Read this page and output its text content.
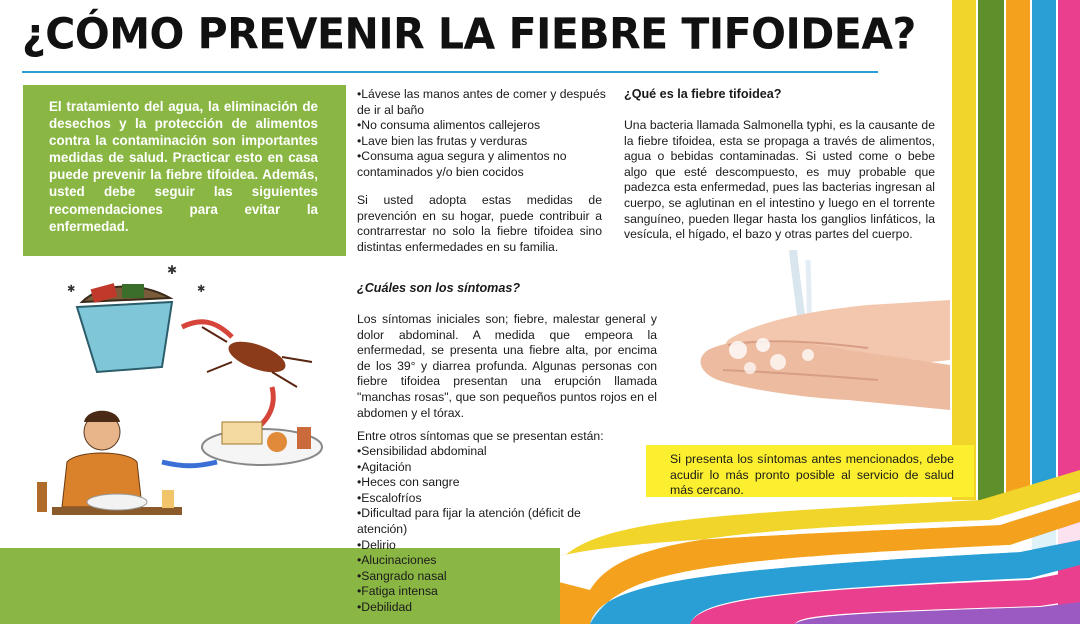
¿CÓMO PREVENIR LA FIEBRE TIFOIDEA?
El tratamiento del agua, la eliminación de desechos y la protección de alimentos contra la contaminación son importantes medidas de salud. Practicar esto en casa puede prevenir la fiebre tifoidea. Además, usted debe seguir las siguientes recomendaciones para evitar la enfermedad.
•Lávese las manos antes de comer y después de ir al baño
•No consuma alimentos callejeros
•Lave bien las frutas y verduras
•Consuma agua segura y alimentos no contaminados y/o bien cocidos
Si usted adopta estas medidas de prevención en su hogar, puede contribuir a contrarrestar no solo la fiebre tifoidea sino distintas enfermedades en su familia.
¿Qué es la fiebre tifoidea?
Una bacteria llamada Salmonella typhi, es la causante de la fiebre tifoidea, esta se propaga a través de alimentos, agua o bebidas contaminadas. Si usted come o bebe algo que esté descompuesto, es muy probable que padezca esta enfermedad, pues las bacterias ingresan al cuerpo, se aglutinan en el intestino y luego en el torrente sanguíneo, pueden llegar hasta los ganglios linfáticos, la vesícula, el hígado, el bazo y otras partes del cuerpo.
¿Cuáles son los síntomas?
Los síntomas iniciales son; fiebre, malestar general y dolor abdominal. A medida que empeora la enfermedad, se presenta una fiebre alta, por encima de los 39° y diarrea profunda. Algunas personas con fiebre tifoidea presentan una erupción llamada "manchas rosas", que son pequeños puntos rojos en el abdomen y el tórax.
Entre otros síntomas que se presentan están:
•Sensibilidad abdominal
•Agitación
•Heces con sangre
•Escalofríos
•Dificultad para fijar la atención (déficit de
atención)
•Delirio
•Alucinaciones
•Sangrado nasal
•Fatiga intensa
•Debilidad
Si presenta los síntomas antes mencionados, debe acudir lo más pronto posible al servicio de salud más cercano.
✱
✱
✱
